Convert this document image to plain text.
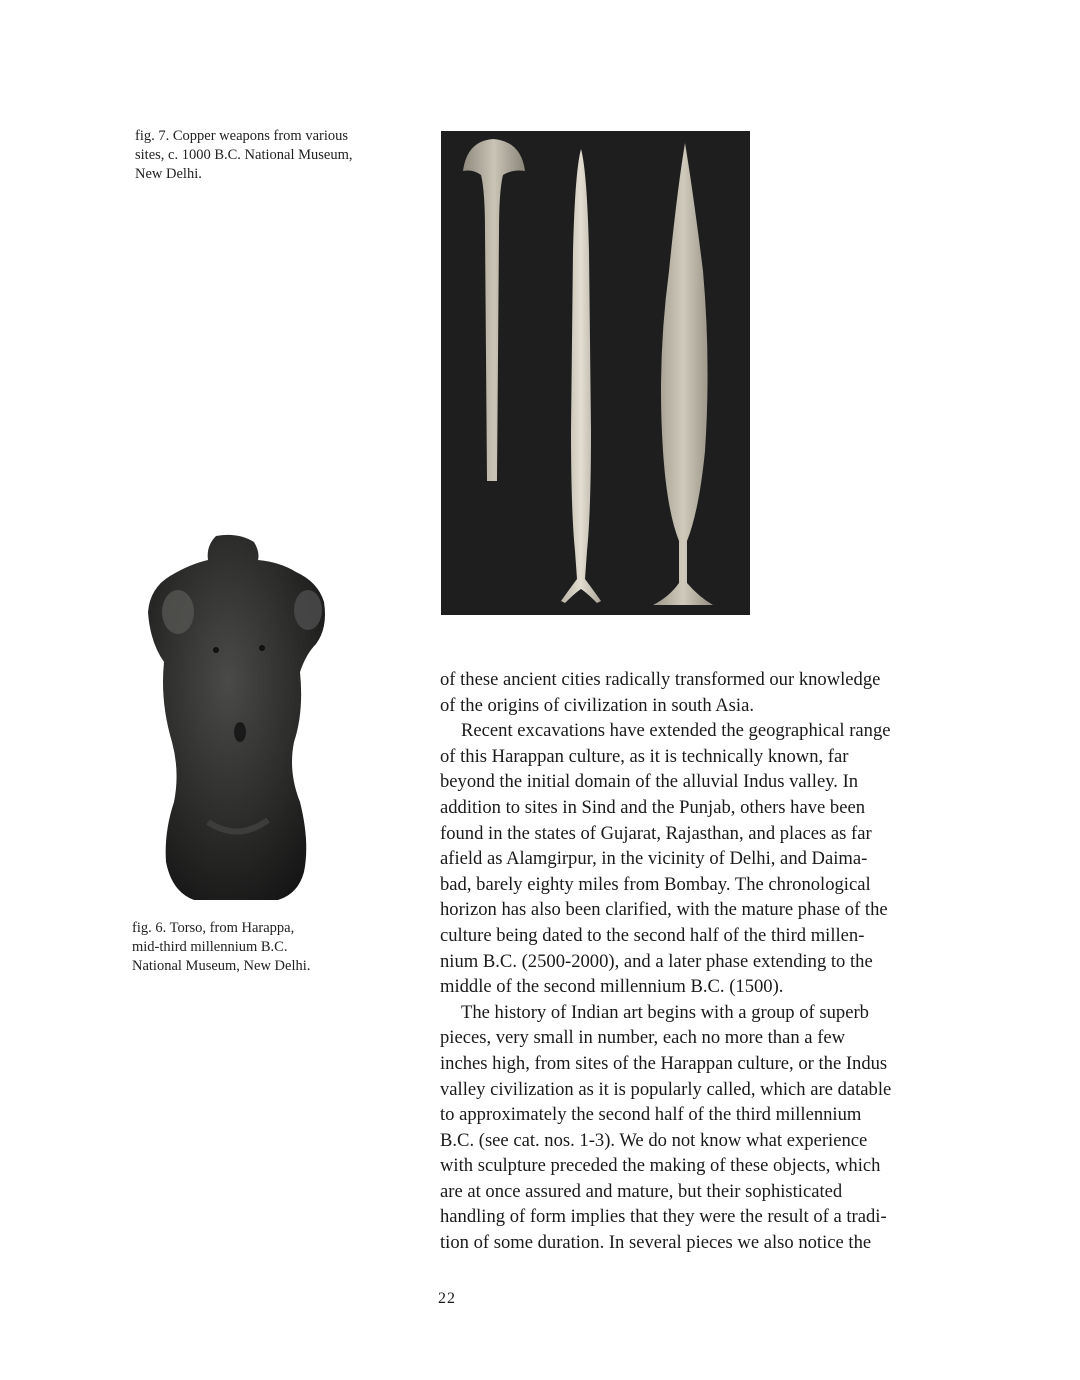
fig. 7. Copper weapons from various
sites, c. 1000 B.C. National Museum,
New Delhi.
fig. 6. Torso, from Harappa,
mid-third millennium B.C.
National Museum, New Delhi.
of these ancient cities radically transformed our knowledge
of the origins of civilization in south Asia.
Recent excavations have extended the geographical range
of this Harappan culture, as it is technically known, far
beyond the initial domain of the alluvial Indus valley. In
addition to sites in Sind and the Punjab, others have been
found in the states of Gujarat, Rajasthan, and places as far
afield as Alamgirpur, in the vicinity of Delhi, and Daima-
bad, barely eighty miles from Bombay. The chronological
horizon has also been clarified, with the mature phase of the
culture being dated to the second half of the third millen-
nium B.C. (2500-2000), and a later phase extending to the
middle of the second millennium B.C. (1500).
The history of Indian art begins with a group of superb
pieces, very small in number, each no more than a few
inches high, from sites of the Harappan culture, or the Indus
valley civilization as it is popularly called, which are datable
to approximately the second half of the third millennium
B.C. (see cat. nos. 1-3). We do not know what experience
with sculpture preceded the making of these objects, which
are at once assured and mature, but their sophisticated
handling of form implies that they were the result of a tradi-
tion of some duration. In several pieces we also notice the
22
